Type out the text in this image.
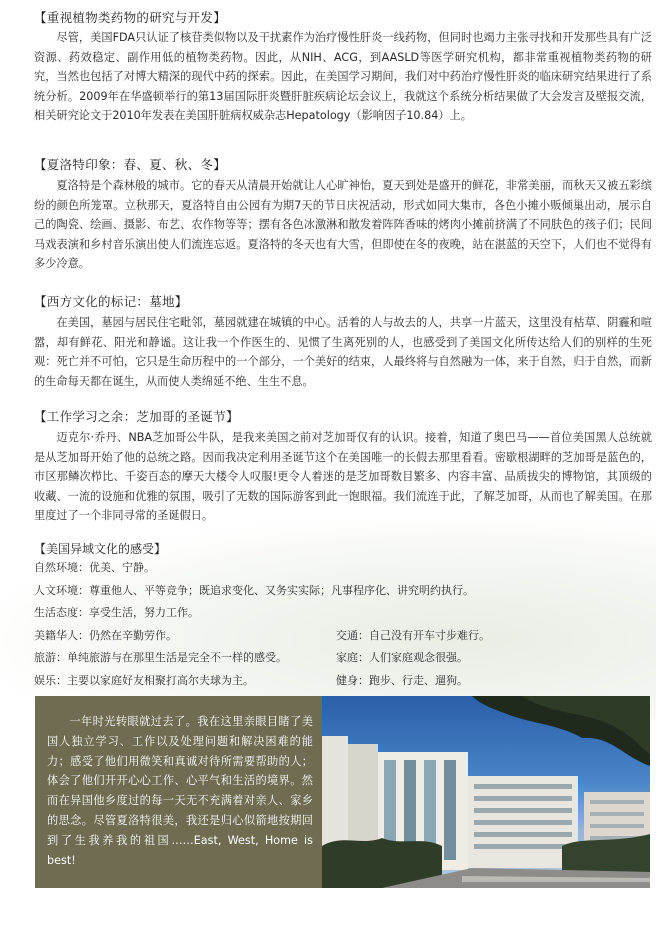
【重视植物类药物的研究与开发】

尽管，美国FDA只认证了核苷类似物以及干扰素作为治疗慢性肝炎一线药物，但同时也竭力主张寻找和开发那些具有广泛资源、药效稳定、副作用低的植物类药物。因此，从NIH、ACG，到AASLD等医学研究机构，都非常重视植物类药物的研究，当然也包括了对博大精深的现代中药的探索。因此，在美国学习期间，我们对中药治疗慢性肝炎的临床研究结果进行了系统分析。2009年在华盛顿举行的第13届国际肝炎暨肝脏疾病论坛会议上，我就这个系统分析结果做了大会发言及壁报交流，相关研究论文于2010年发表在美国肝脏病权威杂志Hepatology（影响因子10.84）上。

【夏洛特印象：春、夏、秋、冬】

夏洛特是个森林般的城市。它的春天从清晨开始就让人心旷神怡，夏天到处是盛开的鲜花，非常美丽，而秋天又被五彩缤纷的颜色所笼罩。立秋那天，夏洛特自由公园有为期7天的节日庆祝活动，形式如同大集市，各色小摊小贩倾巢出动，展示自己的陶瓷、绘画、摄影、布艺、农作物等等；摆有各色冰激淋和散发着阵阵香味的烤肉小摊前挤满了不同肤色的孩子们；民间马戏表演和乡村音乐演出使人们流连忘返。夏洛特的冬天也有大雪，但即使在冬的夜晚，站在湛蓝的天空下，人们也不觉得有多少冷意。

【西方文化的标记：墓地】

在美国，墓园与居民住宅毗邻，墓园就建在城镇的中心。活着的人与故去的人，共享一片蓝天，这里没有枯草、阴霾和喧嚣，却有鲜花、阳光和静谧。这让我一个作医生的、见惯了生离死别的人，也感受到了美国文化所传达给人们的别样的生死观：死亡并不可怕，它只是生命历程中的一个部分，一个美好的结束，人最终将与自然融为一体，来于自然，归于自然，而新的生命每天都在诞生，从而使人类绵延不绝、生生不息。

【工作学习之余：芝加哥的圣诞节】

迈克尔·乔丹、NBA芝加哥公牛队，是我来美国之前对芝加哥仅有的认识。接着，知道了奥巴马——首位美国黑人总统就是从芝加哥开始了他的总统之路。因而我决定利用圣诞节这个在美国唯一的长假去那里看看。密歇根湖畔的芝加哥是蓝色的，市区那鳞次栉比、千姿百态的摩天大楼令人叹服!更令人着迷的是芝加哥数目繁多、内容丰富、品质拔尖的博物馆，其顶级的收藏、一流的设施和优雅的氛围，吸引了无数的国际游客到此一饱眼福。我们流连于此，了解芝加哥，从而也了解美国。在那里度过了一个非同寻常的圣诞假日。

【美国异域文化的感受】
自然环境：优美、宁静。
人文环境：尊重他人、平等竞争；既追求变化、又务实实际；凡事程序化、讲究明约执行。
生活态度：享受生活，努力工作。
美籍华人：仍然在辛勤劳作。
旅游：单纯旅游与在那里生活是完全不一样的感受。
娱乐：主要以家庭好友相聚打高尔夫球为主。
交通：自己没有开车寸步难行。
家庭：人们家庭观念很强。
健身：跑步、行走、遛狗。

一年时光转眼就过去了。我在这里亲眼目睹了美国人独立学习、工作以及处理问题和解决困难的能力；感受了他们用微笑和真诚对待所需要帮助的人；体会了他们开开心心工作、心平气和生活的境界。然而在异国他乡度过的每一天无不充满着对亲人、家乡的思念。尽管夏洛特很美，我还是归心似箭地按期回到了生我养我的祖国……East, West, Home is best!
